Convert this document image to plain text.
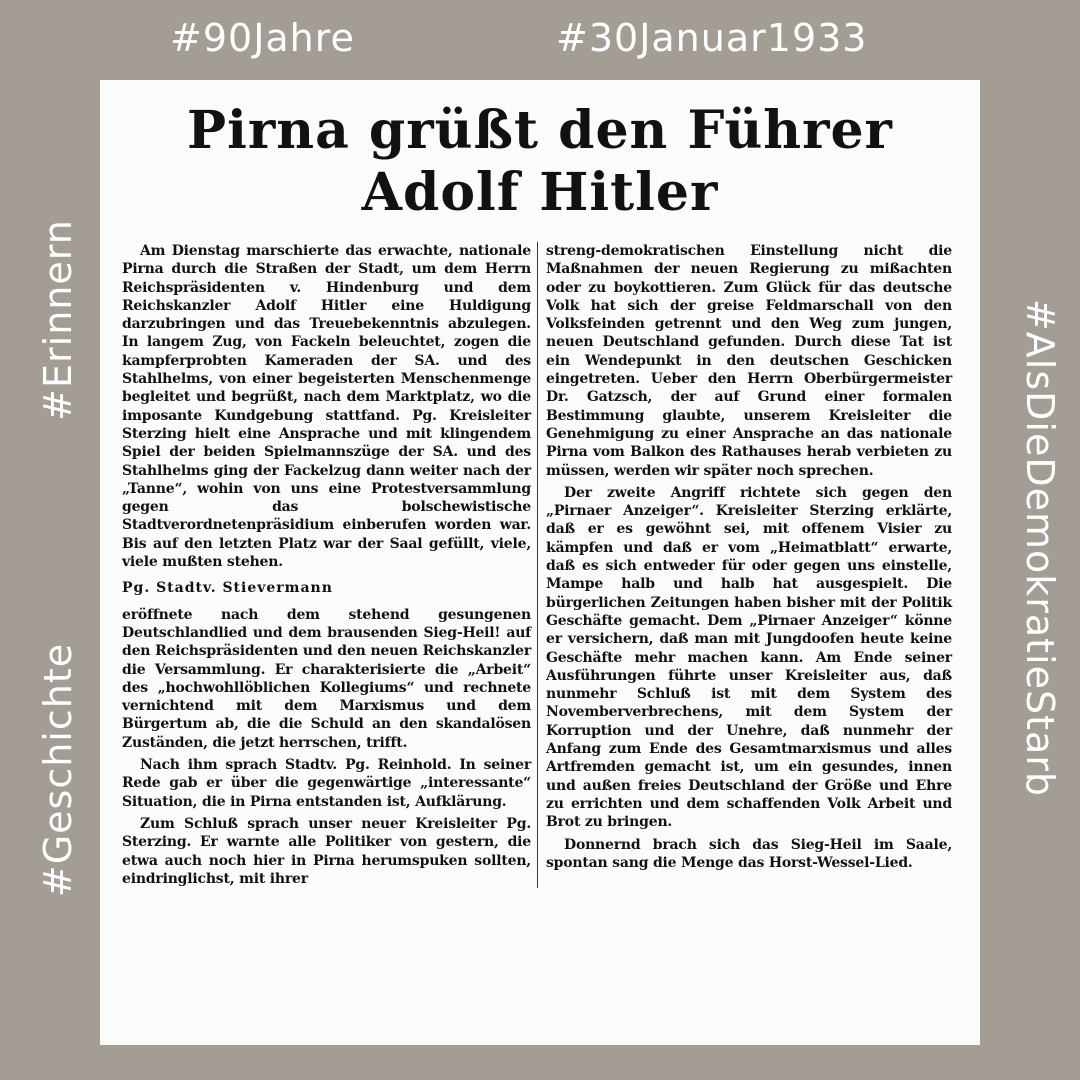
#90Jahre	#30Januar1933
#Erinnern
#Geschichte	#AlsDieDemokratieStarb
Pirna grüßt den Führer
Adolf Hitler

Am Dienstag marschierte das erwachte, nationale Pirna durch die Straßen der Stadt, um dem Herrn Reichspräsidenten v. Hindenburg und dem Reichskanzler Adolf Hitler eine Huldigung darzubringen und das Treuebekenntnis abzulegen. In langem Zug, von Fackeln beleuchtet, zogen die kampferprobten Kameraden der SA. und des Stahlhelms, von einer begeisterten Menschenmenge begleitet und begrüßt, nach dem Marktplatz, wo die imposante Kundgebung stattfand. Pg. Kreisleiter Sterzing hielt eine Ansprache und mit klingendem Spiel der beiden Spielmannszüge der SA. und des Stahlhelms ging der Fackelzug dann weiter nach der „Tanne“, wohin von uns eine Protestversammlung gegen das bolschewistische Stadtverordnetenpräsidium einberufen worden war. Bis auf den letzten Platz war der Saal gefüllt, viele, viele mußten stehen.

Pg. Stadtv. Stievermann

eröffnete nach dem stehend gesungenen Deutschlandlied und dem brausenden Sieg-Heil! auf den Reichspräsidenten und den neuen Reichskanzler die Versammlung. Er charakterisierte die „Arbeit“ des „hochwohllöblichen Kollegiums“ und rechnete vernichtend mit dem Marxismus und dem Bürgertum ab, die die Schuld an den skandalösen Zuständen, die jetzt herrschen, trifft.

Nach ihm sprach Stadtv. Pg. Reinhold. In seiner Rede gab er über die gegenwärtige „interessante“ Situation, die in Pirna entstanden ist, Aufklärung.

Zum Schluß sprach unser neuer Kreisleiter Pg. Sterzing. Er warnte alle Politiker von gestern, die etwa auch noch hier in Pirna herumspuken sollten, eindringlichst, mit ihrer

streng-demokratischen Einstellung nicht die Maßnahmen der neuen Regierung zu mißachten oder zu boykottieren. Zum Glück für das deutsche Volk hat sich der greise Feldmarschall von den Volksfeinden getrennt und den Weg zum jungen, neuen Deutschland gefunden. Durch diese Tat ist ein Wendepunkt in den deutschen Geschicken eingetreten. Ueber den Herrn Oberbürgermeister Dr. Gatzsch, der auf Grund einer formalen Bestimmung glaubte, unserem Kreisleiter die Genehmigung zu einer Ansprache an das nationale Pirna vom Balkon des Rathauses herab verbieten zu müssen, werden wir später noch sprechen.

Der zweite Angriff richtete sich gegen den „Pirnaer Anzeiger“. Kreisleiter Sterzing erklärte, daß er es gewöhnt sei, mit offenem Visier zu kämpfen und daß er vom „Heimatblatt“ erwarte, daß es sich entweder für oder gegen uns einstelle, Mampe halb und halb hat ausgespielt. Die bürgerlichen Zeitungen haben bisher mit der Politik Geschäfte gemacht. Dem „Pirnaer Anzeiger“ könne er versichern, daß man mit Jungdoofen heute keine Geschäfte mehr machen kann. Am Ende seiner Ausführungen führte unser Kreisleiter aus, daß nunmehr Schluß ist mit dem System des Novemberverbrechens, mit dem System der Korruption und der Unehre, daß nunmehr der Anfang zum Ende des Gesamtmarxismus und alles Artfremden gemacht ist, um ein gesundes, innen und außen freies Deutschland der Größe und Ehre zu errichten und dem schaffenden Volk Arbeit und Brot zu bringen.

Donnernd brach sich das Sieg-Heil im Saale, spontan sang die Menge das Horst-Wessel-Lied.
